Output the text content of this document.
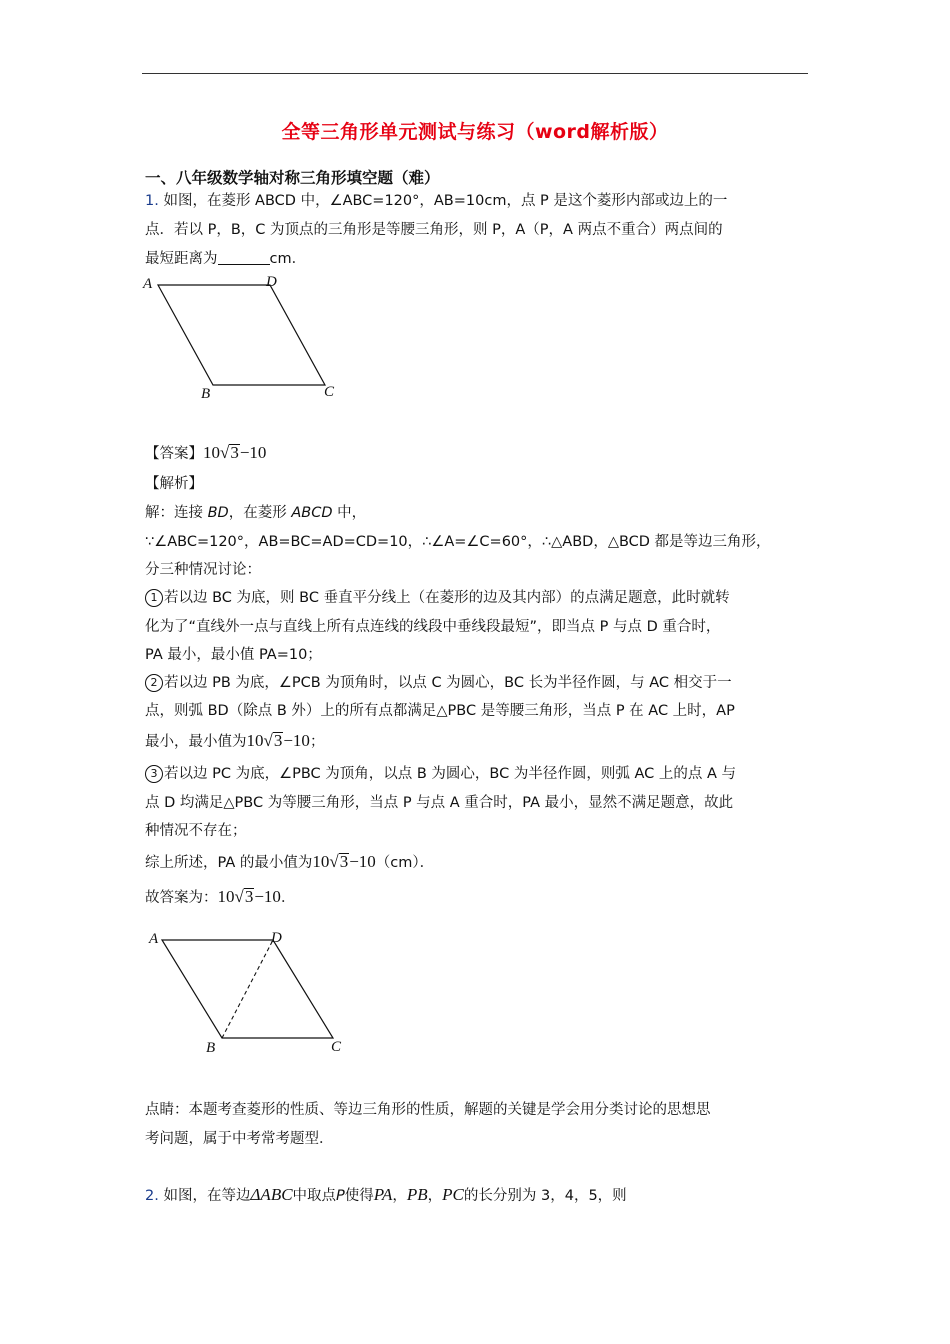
全等三角形单元测试与练习（word解析版）
一、八年级数学轴对称三角形填空题（难）
1. 如图，在菱形 ABCD 中，∠ABC=120°，AB=10cm，点 P 是这个菱形内部或边上的一
点．若以 P，B，C 为顶点的三角形是等腰三角形，则 P，A（P，A 两点不重合）两点间的
最短距离为	cm．
A	D
B	C
【答案】10√3−10
【解析】
解：连接 BD，在菱形 ABCD 中，
∵∠ABC=120°，AB=BC=AD=CD=10，∴∠A=∠C=60°，∴△ABD，△BCD 都是等边三角形，
分三种情况讨论：
1 若以边 BC 为底，则 BC 垂直平分线上（在菱形的边及其内部）的点满足题意，此时就转
化为了“直线外一点与直线上所有点连线的线段中垂线段最短”，即当点 P 与点 D 重合时，
PA 最小，最小值 PA=10；
2 若以边 PB 为底，∠PCB 为顶角时，以点 C 为圆心，BC 长为半径作圆，与 AC 相交于一
点，则弧 BD（除点 B 外）上的所有点都满足△PBC 是等腰三角形，当点 P 在 AC 上时，AP
最小，最小值为10√3−10；
3 若以边 PC 为底，∠PBC 为顶角，以点 B 为圆心，BC 为半径作圆，则弧 AC 上的点 A 与
点 D 均满足△PBC 为等腰三角形，当点 P 与点 A 重合时，PA 最小，显然不满足题意，故此
种情况不存在；
综上所述，PA 的最小值为10√3−10（cm）．
故答案为：10√3−10．
A	D
B	C
点睛：本题考查菱形的性质、等边三角形的性质，解题的关键是学会用分类讨论的思想思
考问题，属于中考常考题型．
2. 如图，在等边ΔABC中取点P使得PA，PB，PC的长分别为 3，4，5，则
